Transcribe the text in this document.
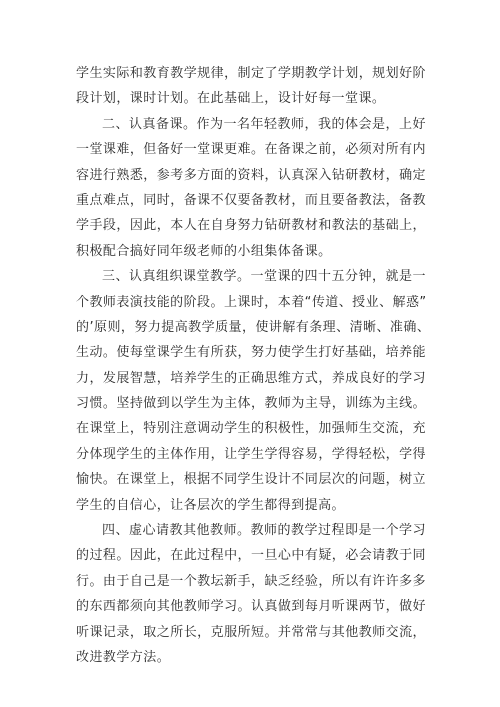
学生实际和教育教学规律，制定了学期教学计划，规划好阶
段计划，课时计划。在此基础上，设计好每一堂课。
二、认真备课。作为一名年轻教师，我的体会是，上好
一堂课难，但备好一堂课更难。在备课之前，必须对所有内
容进行熟悉，参考多方面的资料，认真深入钻研教材，确定
重点难点，同时，备课不仅要备教材，而且要备教法，备教
学手段，因此，本人在自身努力钻研教材和教法的基础上，
积极配合搞好同年级老师的小组集体备课。
三、认真组织课堂教学。一堂课的四十五分钟，就是一
个教师表演技能的阶段。上课时，本着“传道、授业、解惑”
的’原则，努力提高教学质量，使讲解有条理、清晰、准确、
生动。使每堂课学生有所获，努力使学生打好基础，培养能
力，发展智慧，培养学生的正确思维方式，养成良好的学习
习惯。坚持做到以学生为主体，教师为主导，训练为主线。
在课堂上，特别注意调动学生的积极性，加强师生交流，充
分体现学生的主体作用，让学生学得容易，学得轻松，学得
愉快。在课堂上，根据不同学生设计不同层次的问题，树立
学生的自信心，让各层次的学生都得到提高。
四、虚心请教其他教师。教师的教学过程即是一个学习
的过程。因此，在此过程中，一旦心中有疑，必会请教于同
行。由于自己是一个教坛新手，缺乏经验，所以有许许多多
的东西都须向其他教师学习。认真做到每月听课两节，做好
听课记录，取之所长，克服所短。并常常与其他教师交流，
改进教学方法。
